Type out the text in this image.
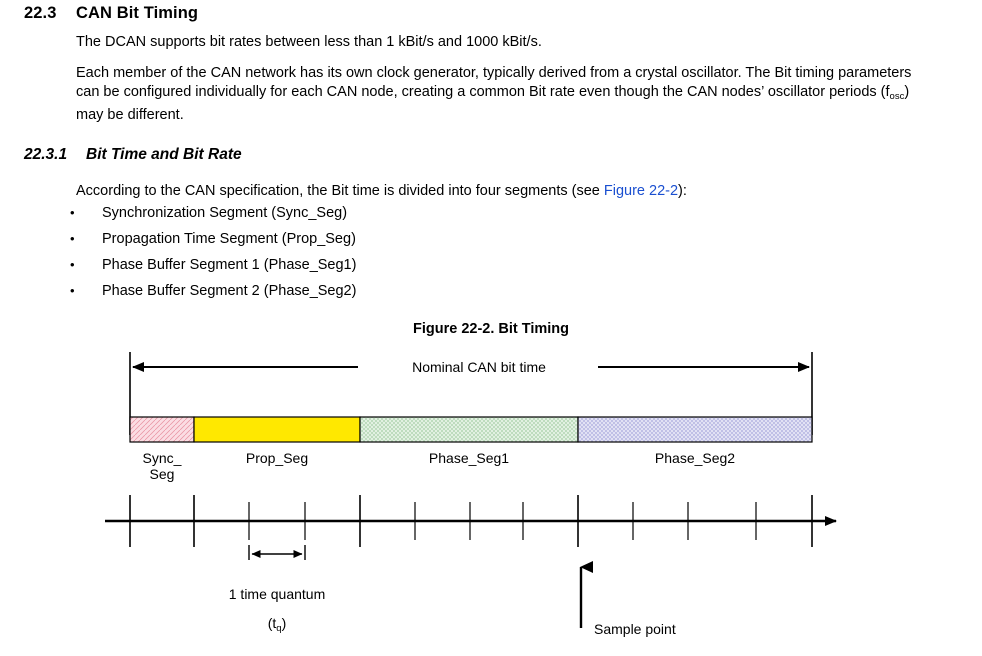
22.3 CAN Bit Timing
The DCAN supports bit rates between less than 1 kBit/s and 1000 kBit/s.
Each member of the CAN network has its own clock generator, typically derived from a crystal oscillator. The Bit timing parameters can be configured individually for each CAN node, creating a common Bit rate even though the CAN nodes’ oscillator periods $(f_{osc})$ may be different.
22.3.1 Bit Time and Bit Rate
According to the CAN specification, the Bit time is divided into four segments (see Figure 22-2):
•	Synchronization Segment (Sync_Seg)
•	Propagation Time Segment (Prop_Seg)
•	Phase Buffer Segment 1 (Phase_Seg1)
•	Phase Buffer Segment 2 (Phase_Seg2)
Figure 22-2. Bit Timing
Nominal CAN bit time
Sync_
Seg
Prop_Seg	Phase_Seg1	Phase_Seg2
1 time quantum
$(t_q)$	Sample point
